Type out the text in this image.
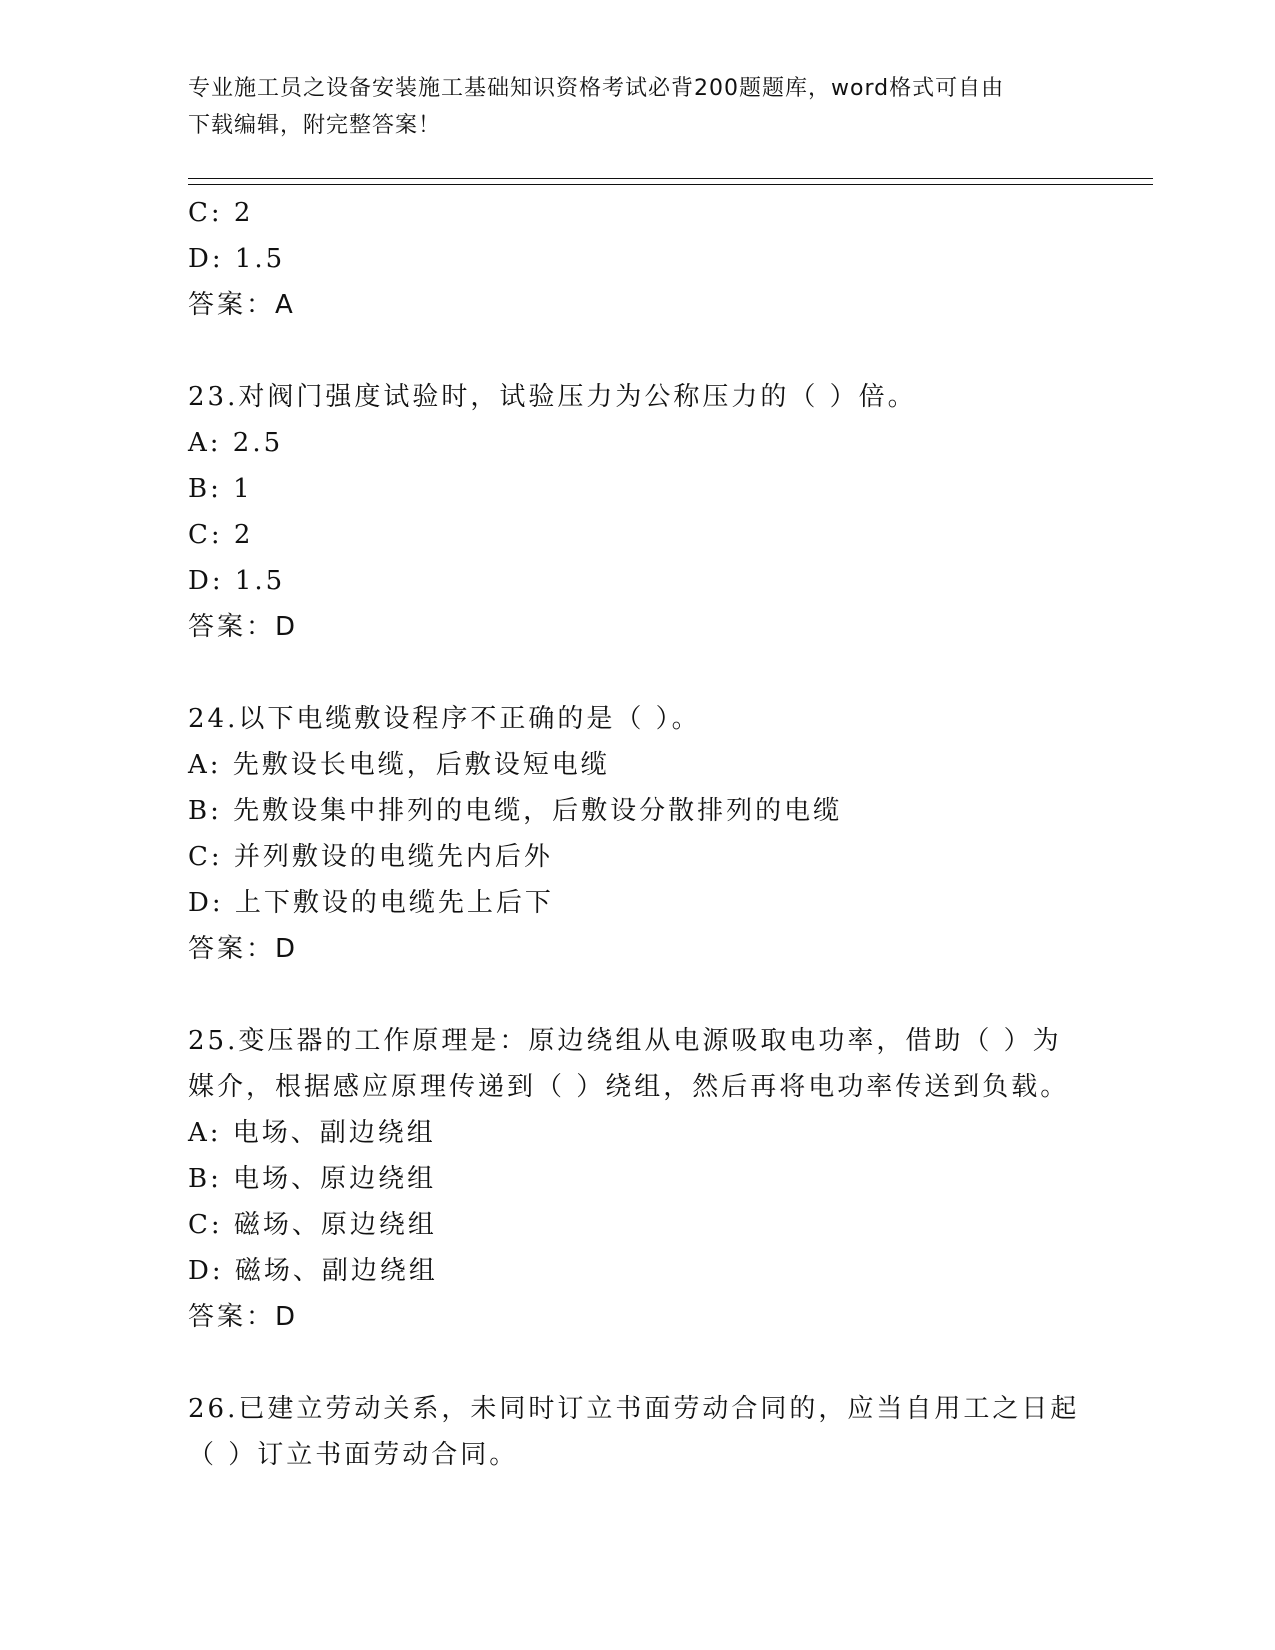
专业施工员之设备安装施工基础知识资格考试必背200题题库，word格式可自由
下载编辑，附完整答案！
C: 2
D: 1.5
答案：A
23.对阀门强度试验时，试验压力为公称压力的（ ）倍。
A: 2.5
B: 1
C: 2
D: 1.5
答案：D
24.以下电缆敷设程序不正确的是（ ）。
A: 先敷设长电缆，后敷设短电缆
B: 先敷设集中排列的电缆，后敷设分散排列的电缆
C: 并列敷设的电缆先内后外
D: 上下敷设的电缆先上后下
答案：D
25.变压器的工作原理是：原边绕组从电源吸取电功率，借助（ ）为
媒介，根据感应原理传递到（ ）绕组，然后再将电功率传送到负载。
A: 电场、副边绕组
B: 电场、原边绕组
C: 磁场、原边绕组
D: 磁场、副边绕组
答案：D
26.已建立劳动关系，未同时订立书面劳动合同的，应当自用工之日起
（ ）订立书面劳动合同。
